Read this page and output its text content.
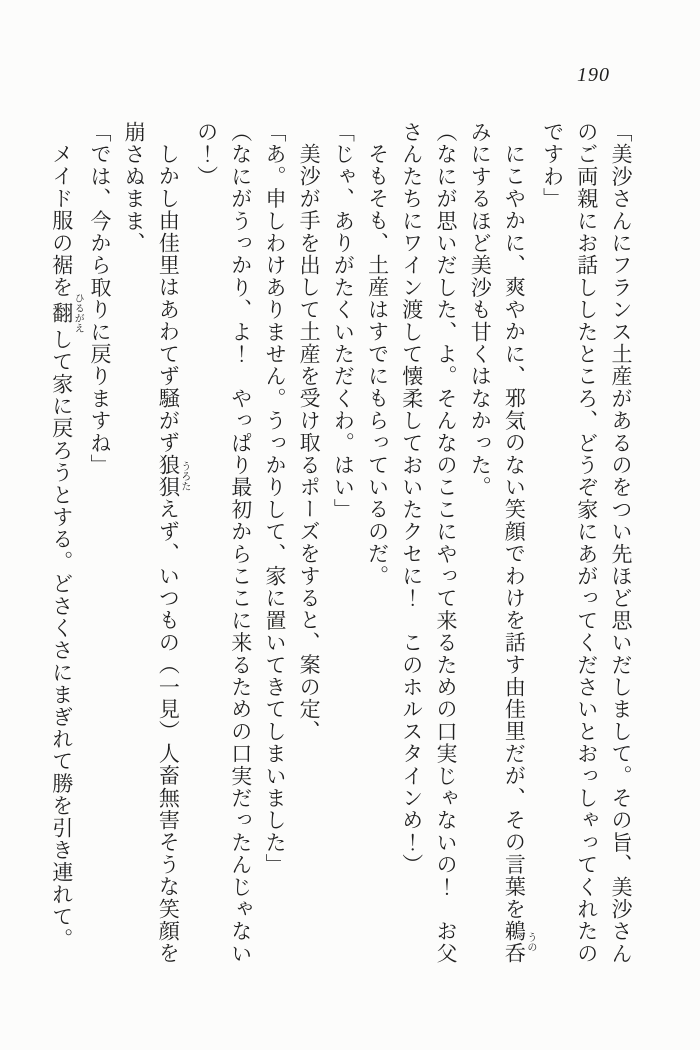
190
「美沙さんにフランス土産があるのをつい先ほど思いだしまして。その旨、美沙さん
のご両親にお話ししたところ、どうぞ家にあがってくださいとおっしゃってくれたの
ですわ」
にこやかに、爽やかに、邪気のない笑顔でわけを話す由佳里だが、その言葉を鵜呑うの
みにするほど美沙も甘くはなかった。
（なにが思いだした、よ。そんなのここにやって来るための口実じゃないの！　お父
さんたちにワイン渡して懐柔しておいたクセに！　このホルスタインめ！）
そもそも、土産はすでにもらっているのだ。
「じゃ、ありがたくいただくわ。はい」
美沙が手を出して土産を受け取るポーズをすると、案の定、
「あ。申しわけありません。うっかりして、家に置いてきてしまいました」
（なにがうっかり、よ！　やっぱり最初からここに来るための口実だったんじゃない
の！）
しかし由佳里はあわてず騒がず狼狽うろたえず、いつもの（一見）人畜無害そうな笑顔を
崩さぬまま、
「では、今から取りに戻りますね」
メイド服の裾を翻ひるがえして家に戻ろうとする。どさくさにまぎれて勝を引き連れて。
